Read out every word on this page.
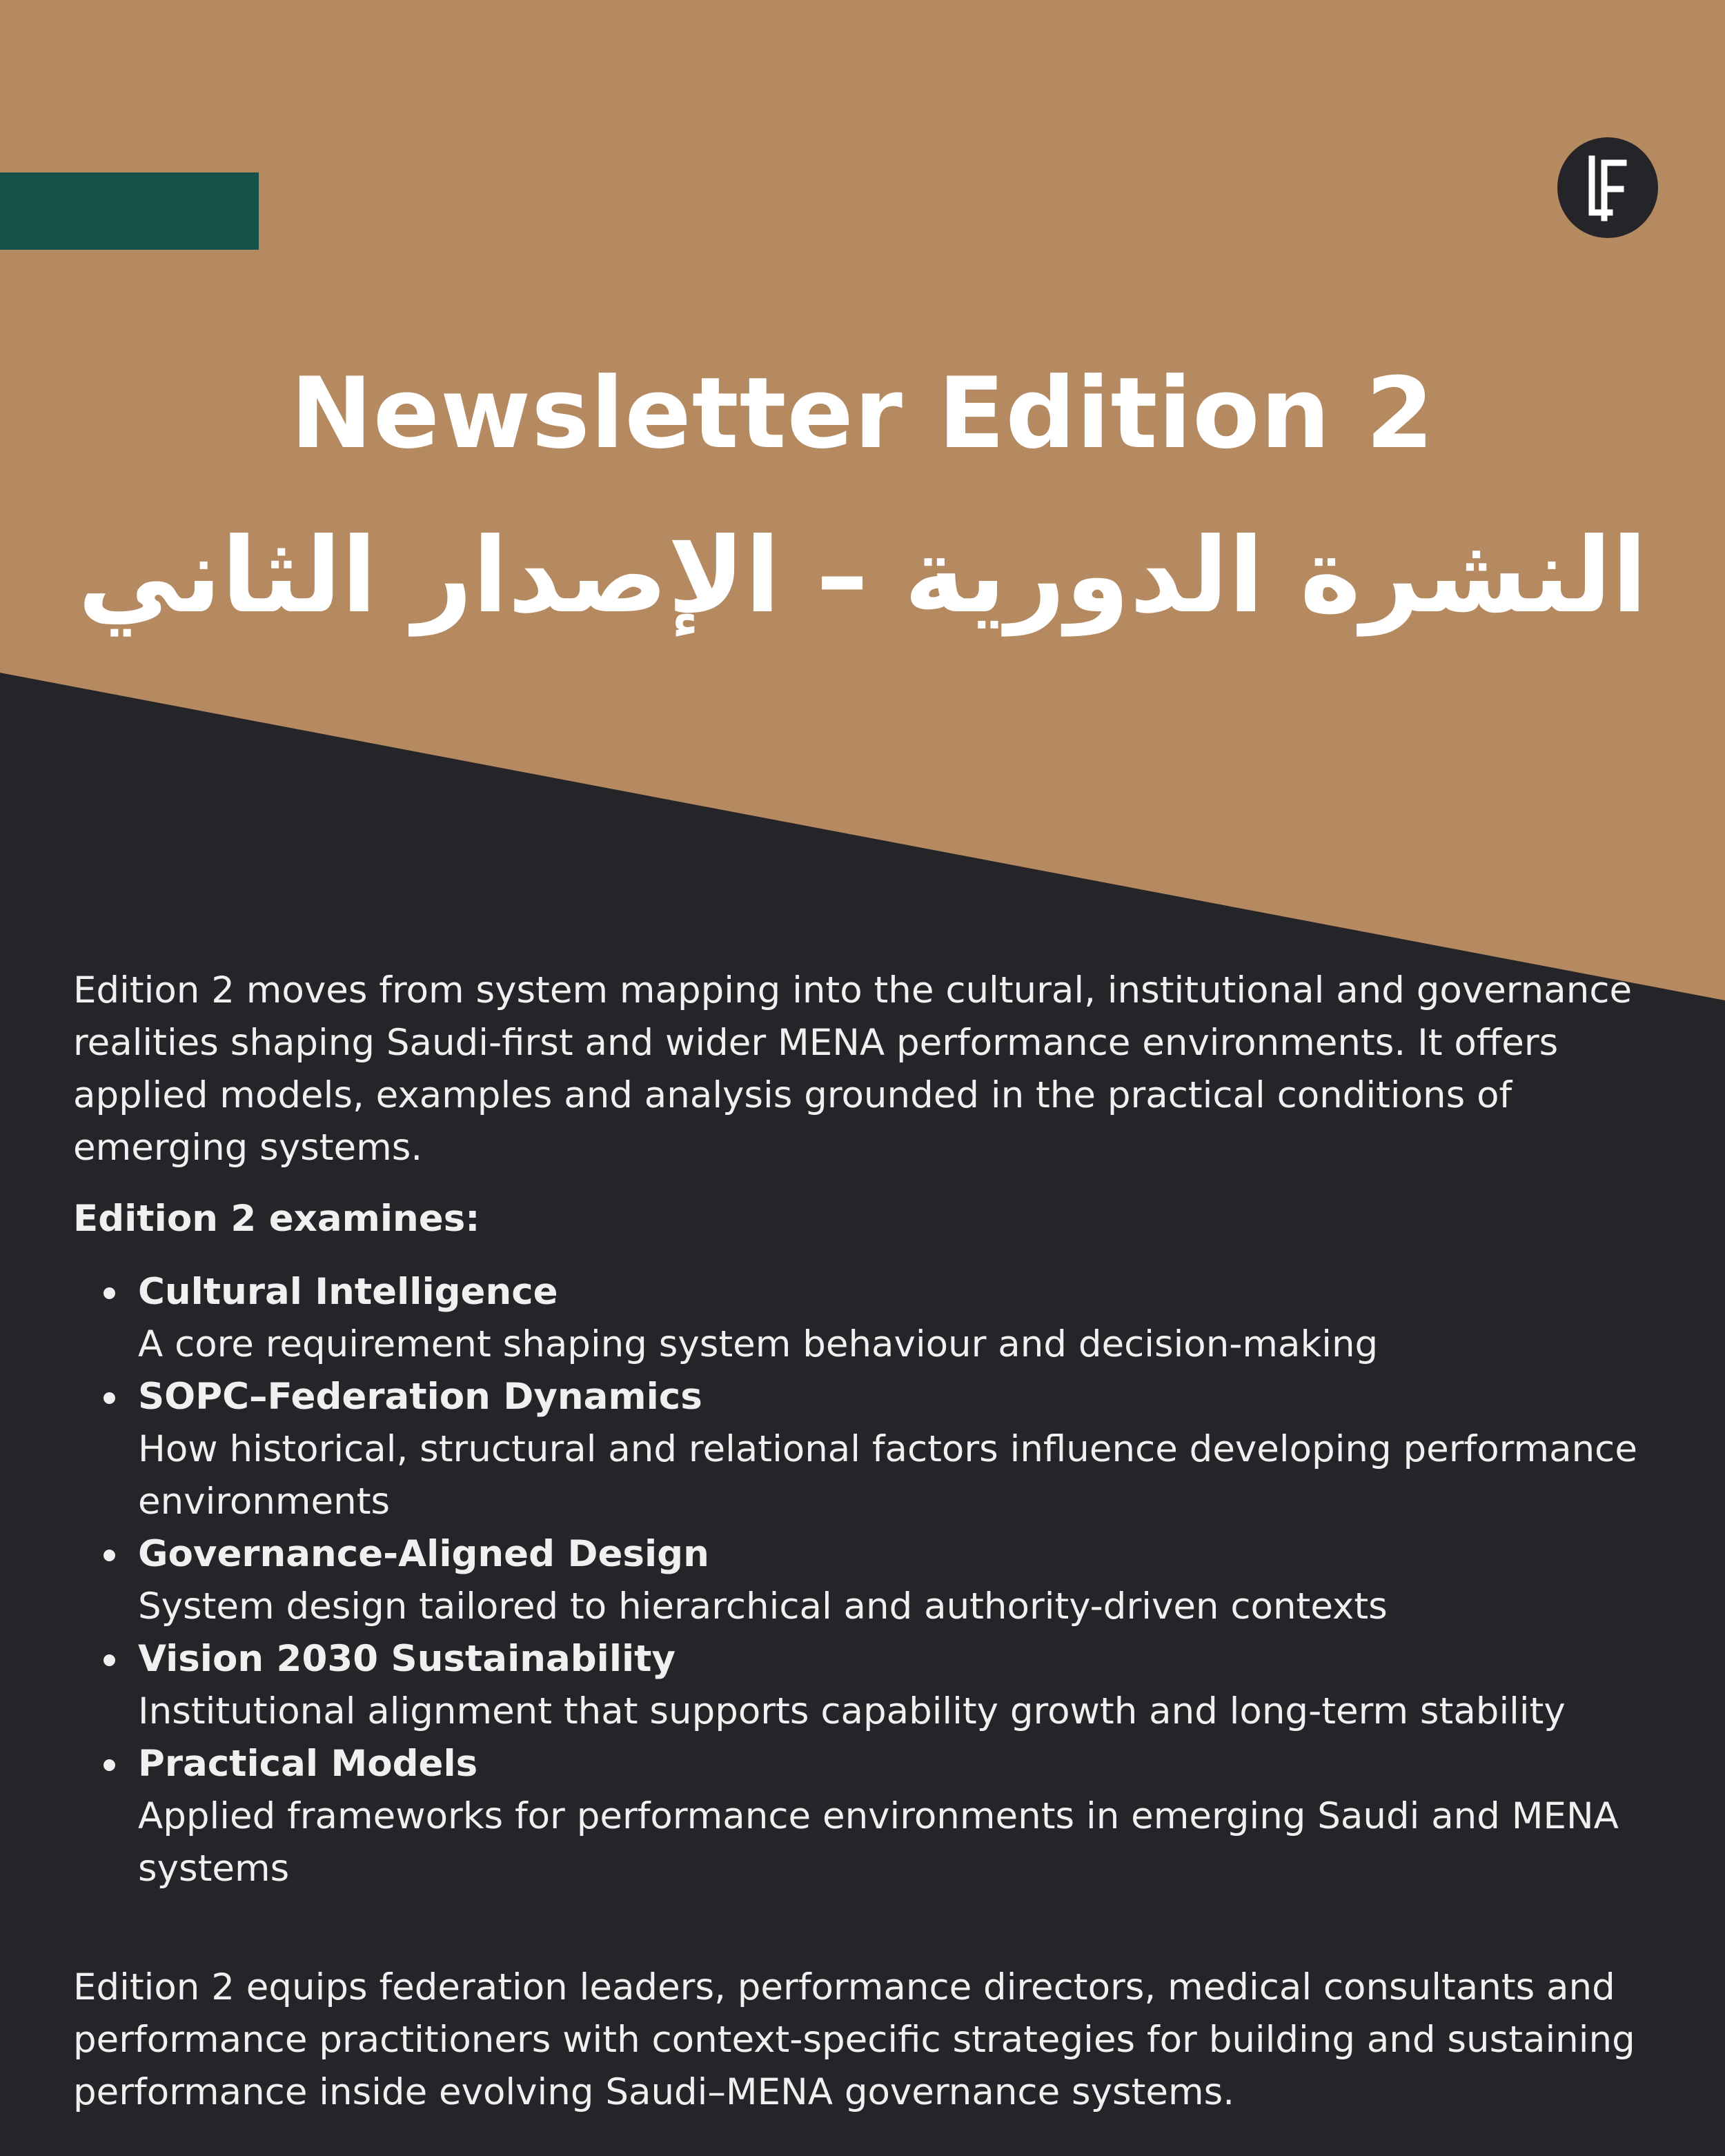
Newsletter Edition 2
النشرة الدورية – الإصدار الثاني

Edition 2 moves from system mapping into the cultural, institutional and governance realities shaping Saudi-first and wider MENA performance environments. It offers applied models, examples and analysis grounded in the practical conditions of emerging systems.

Edition 2 examines:

Cultural Intelligence
A core requirement shaping system behaviour and decision-making
SOPC–Federation Dynamics
How historical, structural and relational factors influence developing performance environments
Governance-Aligned Design
System design tailored to hierarchical and authority-driven contexts
Vision 2030 Sustainability
Institutional alignment that supports capability growth and long-term stability
Practical Models
Applied frameworks for performance environments in emerging Saudi and MENA systems

Edition 2 equips federation leaders, performance directors, medical consultants and performance practitioners with context-specific strategies for building and sustaining performance inside evolving Saudi–MENA governance systems.
